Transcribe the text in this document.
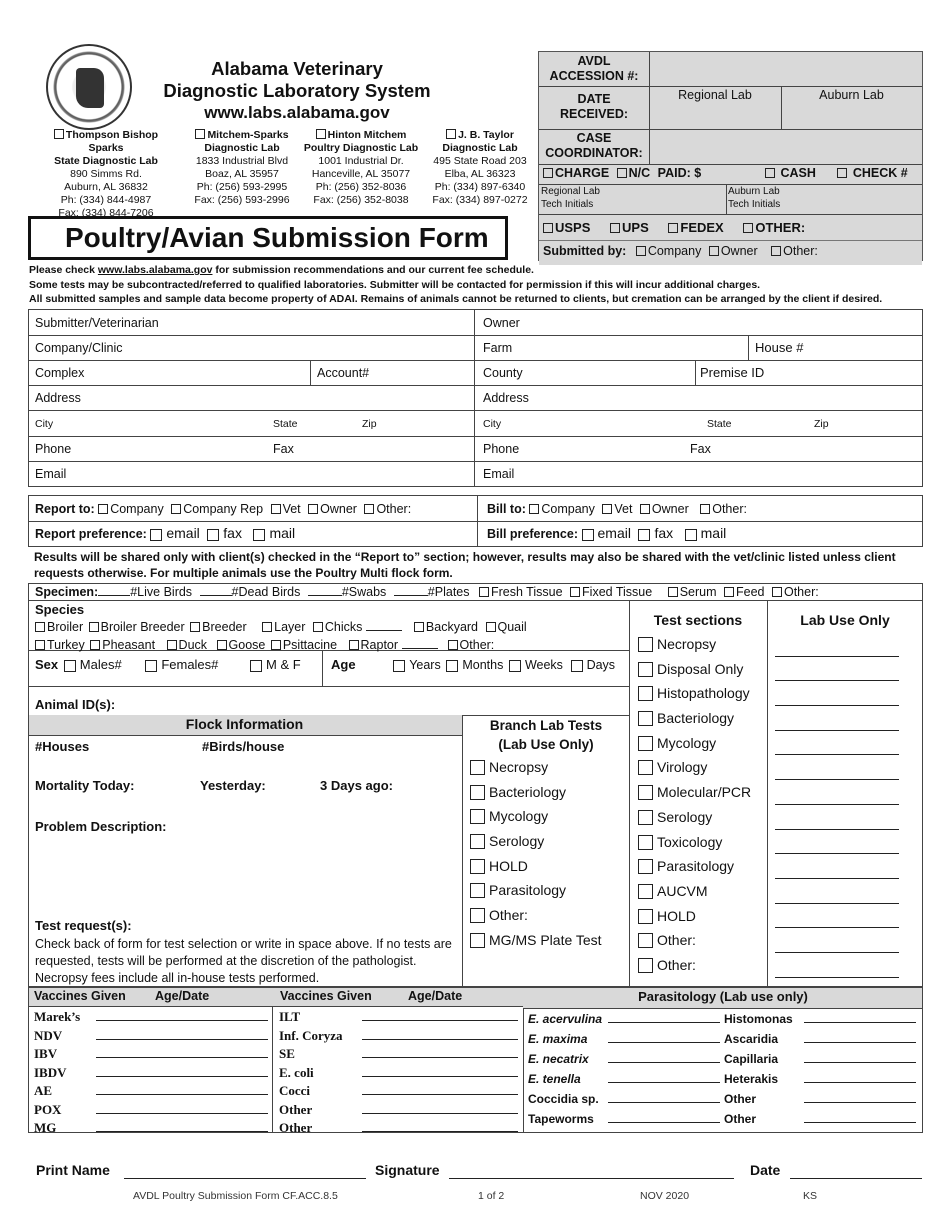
Alabama Veterinary
Diagnostic Laboratory System
www.labs.alabama.gov
Thompson Bishop Sparks
State Diagnostic Lab
890 Simms Rd.
Auburn, AL 36832
Ph: (334) 844-4987
Fax: (334) 844-7206
Mitchem-Sparks
Diagnostic Lab
1833 Industrial Blvd
Boaz, AL 35957
Ph: (256) 593-2995
Fax: (256) 593-2996
Hinton Mitchem
Poultry Diagnostic Lab
1001 Industrial Dr.
Hanceville, AL 35077
Ph: (256) 352-8036
Fax: (256) 352-8038
J. B. Taylor
Diagnostic Lab
495 State Road 203
Elba, AL 36323
Ph: (334) 897-6340
Fax: (334) 897-0272
Poultry/Avian Submission Form
AVDL
ACCESSION #:
DATE
RECEIVED:
Regional Lab	Auburn Lab
CASE
COORDINATOR:
CHARGE N/C PAID: $	CASH	CHECK #
Regional Lab
Tech Initials
Auburn Lab
Tech Initials
USPS UPS FEDEX OTHER:
Submitted by: Company Owner Other:
Please check www.labs.alabama.gov for submission recommendations and our current fee schedule.
Some tests may be subcontracted/referred to qualified laboratories. Submitter will be contacted for permission if this will incur additional charges.
All submitted samples and sample data become property of ADAI. Remains of animals cannot be returned to clients, but cremation can be arranged by the client if desired.
Submitter/Veterinarian	Owner
Company/Clinic	Farm	House #
Complex	Account#	County	Premise ID
Address	Address
City	State	Zip	City	State	Zip
Phone	Fax	Phone	Fax
Email	Email
Report to: Company Company Rep Vet Owner Other:	Bill to: Company Vet Owner Other:
Report preference: email fax mail	Bill preference: email fax mail
Results will be shared only with client(s) checked in the “Report to” section; however, results may also be shared with the vet/clinic listed unless client requests otherwise. For multiple animals use the Poultry Multi flock form.
Specimen:	#Live Birds	#Dead Birds	#Swabs	#Plates Fresh Tissue Fixed Tissue Serum Feed Other:
Species
Broiler Broiler Breeder Breeder Layer Chicks	Backyard Quail
Turkey Pheasant Duck Goose Psittacine Raptor	Other:
Sex Males#	Females#	M & F Age	Years Months Weeks Days
Animal ID(s):
Flock Information
#Houses	#Birds/house
Mortality Today:	Yesterday:	3 Days ago:
Problem Description:
Test request(s):
Check back of form for test selection or write in space above. If no tests are requested, tests will be performed at the discretion of the pathologist. Necropsy fees include all in-house tests performed.
Branch Lab Tests
(Lab Use Only)
Necropsy
Bacteriology
Mycology
Serology
HOLD
Parasitology
Other:
MG/MS Plate Test
Test sections	Lab Use Only
Necropsy
Disposal Only
Histopathology
Bacteriology
Mycology
Virology
Molecular/PCR
Serology
Toxicology
Parasitology
AUCVM
HOLD
Other:
Other:
Vaccines Given Age/Date	Vaccines Given	Age/Date	Parasitology (Lab use only)
Marek’s
NDV
IBV
IBDV
AE
POX
MG
ILT
Inf. Coryza
SE
E. coli
Cocci
Other
Other
E. acervulina	Histomonas
E. maxima	Ascaridia
E. necatrix	Capillaria
E. tenella	Heterakis
Coccidia sp.	Other
Tapeworms	Other
Print Name	Signature	Date
AVDL Poultry Submission Form CF.ACC.8.5	1 of 2	NOV 2020	KS
